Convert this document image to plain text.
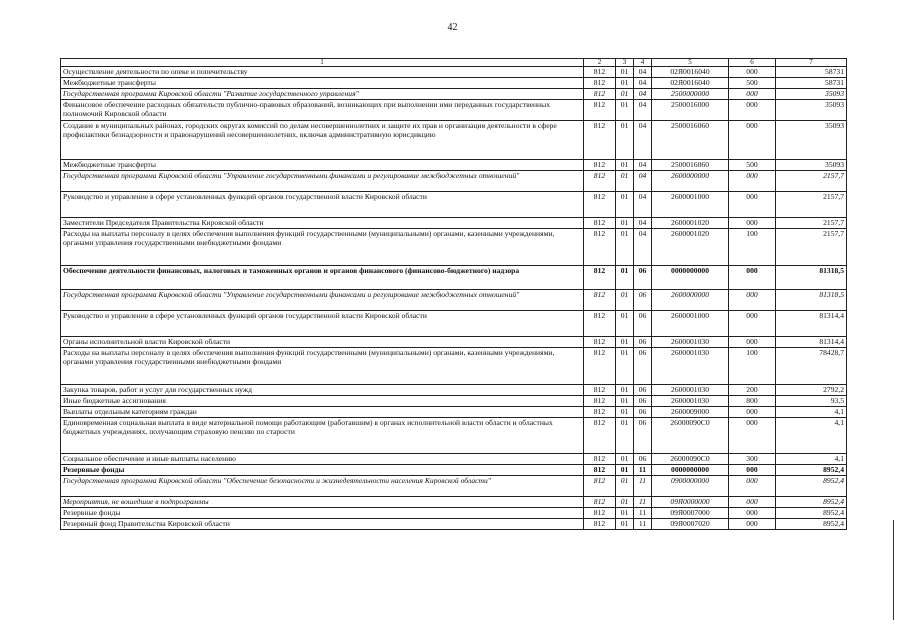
42
1	2	3	4	5	6	7
Осуществление деятельности по опеке и попечительству	812	01	04	02Я0016040	000	58731
Межбюджетные трансферты	812	01	04	02Я0016040	500	58731
Государственная программа Кировской области "Развитие государственного управления"	812	01	04	2500000000	000	35093
Финансовое обеспечение расходных обязательств публично-правовых образований, возникающих при выполнении ими переданных государственных полномочий Кировской области	812	01	04	2500016000	000	35093
Создание в муниципальных районах, городских округах комиссий по делам несовершеннолетних и защите их прав и организация деятельности в сфере профилактики безнадзорности и правонарушений несовершеннолетних, включая административную юрисдикцию	812	01	04	2500016060	000	35093
Межбюджетные трансферты	812	01	04	2500016060	500	35093
Государственная программа Кировской области "Управление государственными финансами и регулирование межбюджетных отношений"	812	01	04	2600000000	000	2157,7
Руководство и управление в сфере установленных функций органов государственной власти Кировской области	812	01	04	2600001000	000	2157,7
Заместители Председателя Правительства Кировской области	812	01	04	2600001020	000	2157,7
Расходы на выплаты персоналу в целях обеспечения выполнения функций государственными (муниципальными) органами, казенными учреждениями, органами управления государственными внебюджетными фондами	812	01	04	2600001020	100	2157,7
Обеспечение деятельности финансовых, налоговых и таможенных органов и органов финансового (финансово-бюджетного) надзора	812	01	06	0000000000	000	81318,5
Государственная программа Кировской области "Управление государственными финансами и регулирование межбюджетных отношений"	812	01	06	2600000000	000	81318,5
Руководство и управление в сфере установленных функций органов государственной власти Кировской области	812	01	06	2600001000	000	81314,4
Органы исполнительной власти Кировской области	812	01	06	2600001030	000	81314,4
Расходы на выплаты персоналу в целях обеспечения выполнения функций государственными (муниципальными) органами, казенными учреждениями, органами управления государственными внебюджетными фондами	812	01	06	2600001030	100	78428,7
Закупка товаров, работ и услуг для государственных нужд	812	01	06	2600001030	200	2792,2
Иные бюджетные ассигнования	812	01	06	2600001030	800	93,5
Выплаты отдельным категориям граждан	812	01	06	2600009000	000	4,1
Единовременная социальная выплата в виде материальной помощи работающим (работавшим) в органах исполнительной власти области и областных бюджетных учреждениях, получающим страховую пенсию по старости	812	01	06	26000090С0	000	4,1
Социальное обеспечение и иные выплаты населению	812	01	06	26000090С0	300	4,1
Резервные фонды	812	01	11	0000000000	000	8952,4
Государственная программа Кировской области "Обеспечение безопасности и жизнедеятельности населения Кировской области"	812	01	11	0900000000	000	8952,4
Мероприятия, не вошедшие в подпрограммы	812	01	11	09Я0000000	000	8952,4
Резервные фонды	812	01	11	09Я0007000	000	8952,4
Резервный фонд Правительства Кировской области	812	01	11	09Я0007020	000	8952,4
